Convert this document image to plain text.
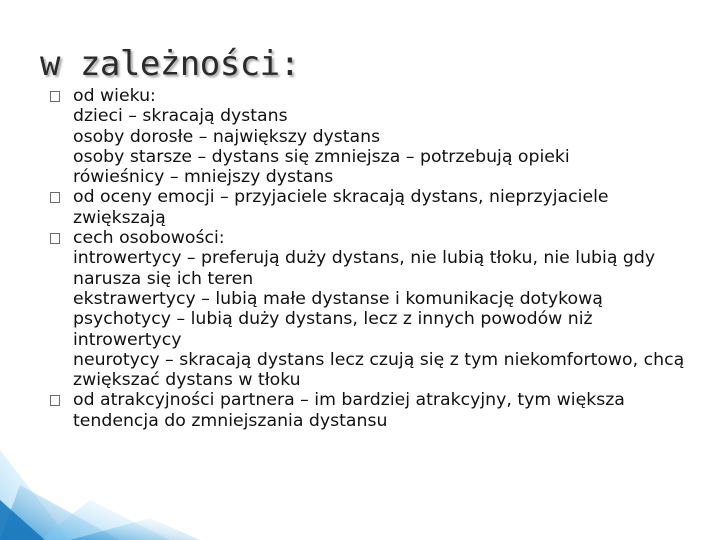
w zależności:
od wieku:
dzieci – skracają dystans
osoby dorosłe – największy dystans
osoby starsze – dystans się zmniejsza – potrzebują opieki
rówieśnicy – mniejszy dystans
od oceny emocji – przyjaciele skracają dystans, nieprzyjaciele zwiększają
cech osobowości:
introwertycy – preferują duży dystans, nie lubią tłoku, nie lubią gdy narusza się ich teren
ekstrawertycy – lubią małe dystanse i komunikację dotykową
psychotycy – lubią duży dystans, lecz z innych powodów niż introwertycy
neurotycy – skracają dystans lecz czują się z tym niekomfortowo, chcą zwiększać dystans w tłoku
od atrakcyjności partnera – im bardziej atrakcyjny, tym większa tendencja do zmniejszania dystansu
